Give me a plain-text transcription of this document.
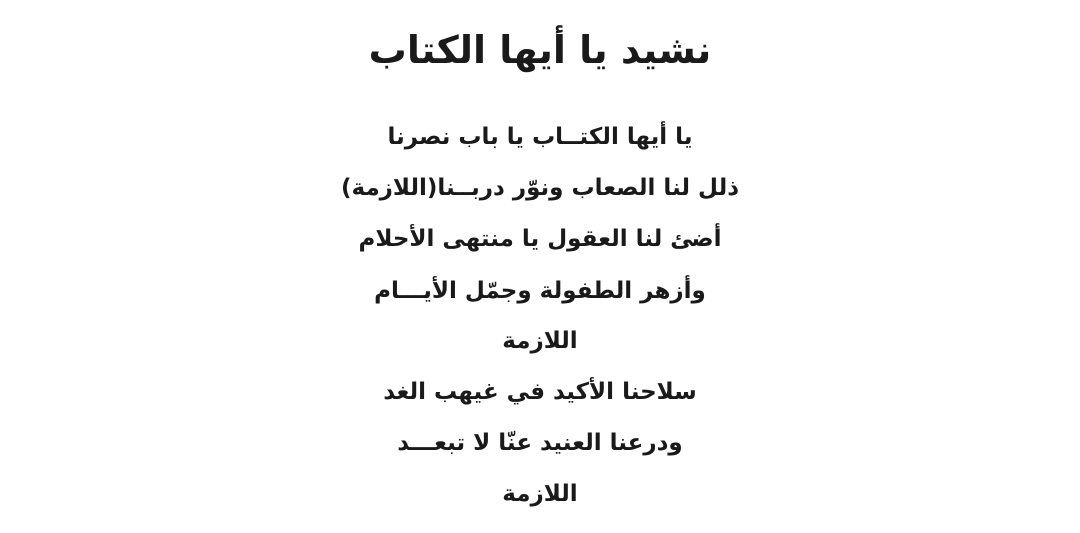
نشيد يا أيها الكتاب

يا أيها الكتــاب يا باب نصرنا

ذلل لنا الصعاب ونوّر دربــنا(اللازمة)

أضئ لنا العقول يا منتهى الأحلام

وأزهر الطفولة وجمّل الأيـــام

اللازمة

سلاحنا الأكيد في غيهب الغد

ودرعنا العنيد عنّا لا تبعـــد

اللازمة
